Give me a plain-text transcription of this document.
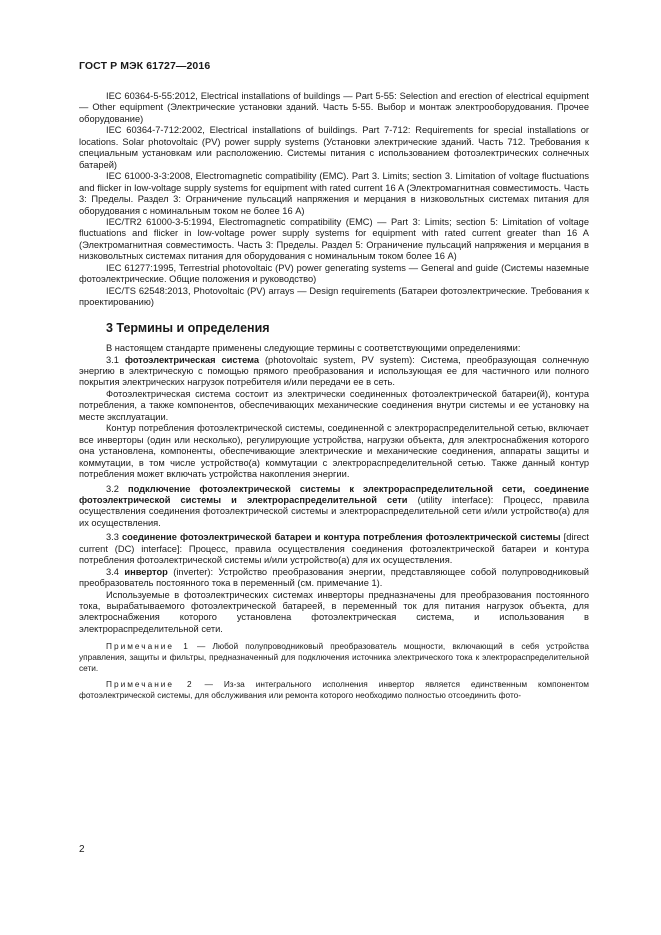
ГОСТ Р МЭК 61727—2016

IEC 60364-5-55:2012, Electrical installations of buildings — Part 5-55: Selection and erection of electrical equipment — Other equipment (Электрические установки зданий. Часть 5-55. Выбор и монтаж электрооборудования. Прочее оборудование)

IEC 60364-7-712:2002, Electrical installations of buildings. Part 7-712: Requirements for special installations or locations. Solar photovoltaic (PV) power supply systems (Установки электрические зданий. Часть 712. Требования к специальным установкам или расположению. Системы питания с использованием фотоэлектрических солнечных батарей)

IEC 61000-3-3:2008, Electromagnetic compatibility (EMC). Part 3. Limits; section 3. Limitation of voltage fluctuations and flicker in low-voltage supply systems for equipment with rated current 16 A (Электромагнитная совместимость. Часть 3: Пределы. Раздел 3: Ограничение пульсаций напряжения и мерцания в низковольтных системах питания для оборудования с номинальным током не более 16 А)

IEC/TR2 61000-3-5:1994, Electromagnetic compatibility (EMC) — Part 3: Limits; section 5: Limitation of voltage fluctuations and flicker in low-voltage power supply systems for equipment with rated current greater than 16 A (Электромагнитная совместимость. Часть 3: Пределы. Раздел 5: Ограничение пульсаций напряжения и мерцания в низковольтных системах питания для оборудования с номинальным током более 16 А)

IEC 61277:1995, Terrestrial photovoltaic (PV) power generating systems — General and guide (Системы наземные фотоэлектрические. Общие положения и руководство)

IEC/TS 62548:2013, Photovoltaic (PV) arrays — Design requirements (Батареи фотоэлектрические. Требования к проектированию)

3 Термины и определения

В настоящем стандарте применены следующие термины с соответствующими определениями:

3.1 фотоэлектрическая система (photovoltaic system, PV system): Система, преобразующая солнечную энергию в электрическую с помощью прямого преобразования и использующая ее для частичного или полного покрытия электрических нагрузок потребителя и/или передачи ее в сеть.

Фотоэлектрическая система состоит из электрически соединенных фотоэлектрической батареи(й), контура потребления, а также компонентов, обеспечивающих механические соединения внутри системы и ее установку на месте эксплуатации.

Контур потребления фотоэлектрической системы, соединенной с электрораспределительной сетью, включает все инверторы (один или несколько), регулирующие устройства, нагрузки объекта, для электроснабжения которого она установлена, компоненты, обеспечивающие электрические и механические соединения, аппараты защиты и коммутации, в том числе устройство(а) коммутации с электрораспределительной сетью. Также данный контур потребления может включать устройства накопления энергии.

3.2 подключение фотоэлектрической системы к электрораспределительной сети, соединение фотоэлектрической системы и электрораспределительной сети (utility interface): Процесс, правила осуществления соединения фотоэлектрической системы и электрораспределительной сети и/или устройство(а) для их осуществления.

3.3 соединение фотоэлектрической батареи и контура потребления фотоэлектрической системы [direct current (DC) interface]: Процесс, правила осуществления соединения фотоэлектрической батареи и контура потребления фотоэлектрической системы и/или устройство(а) для их осуществления.

3.4 инвертор (inverter): Устройство преобразования энергии, представляющее собой полупроводниковый преобразователь постоянного тока в переменный (см. примечание 1).

Используемые в фотоэлектрических системах инверторы предназначены для преобразования постоянного тока, вырабатываемого фотоэлектрической батареей, в переменный ток для питания нагрузок объекта, для электроснабжения которого установлена фотоэлектрическая система, и использования в электрораспределительной сети.

Примечание 1 — Любой полупроводниковый преобразователь мощности, включающий в себя устройства управления, защиты и фильтры, предназначенный для подключения источника электрического тока к электрораспределительной сети.

Примечание 2 — Из-за интегрального исполнения инвертор является единственным компонентом фотоэлектрической системы, для обслуживания или ремонта которого необходимо полностью отсоединить фото-

2
